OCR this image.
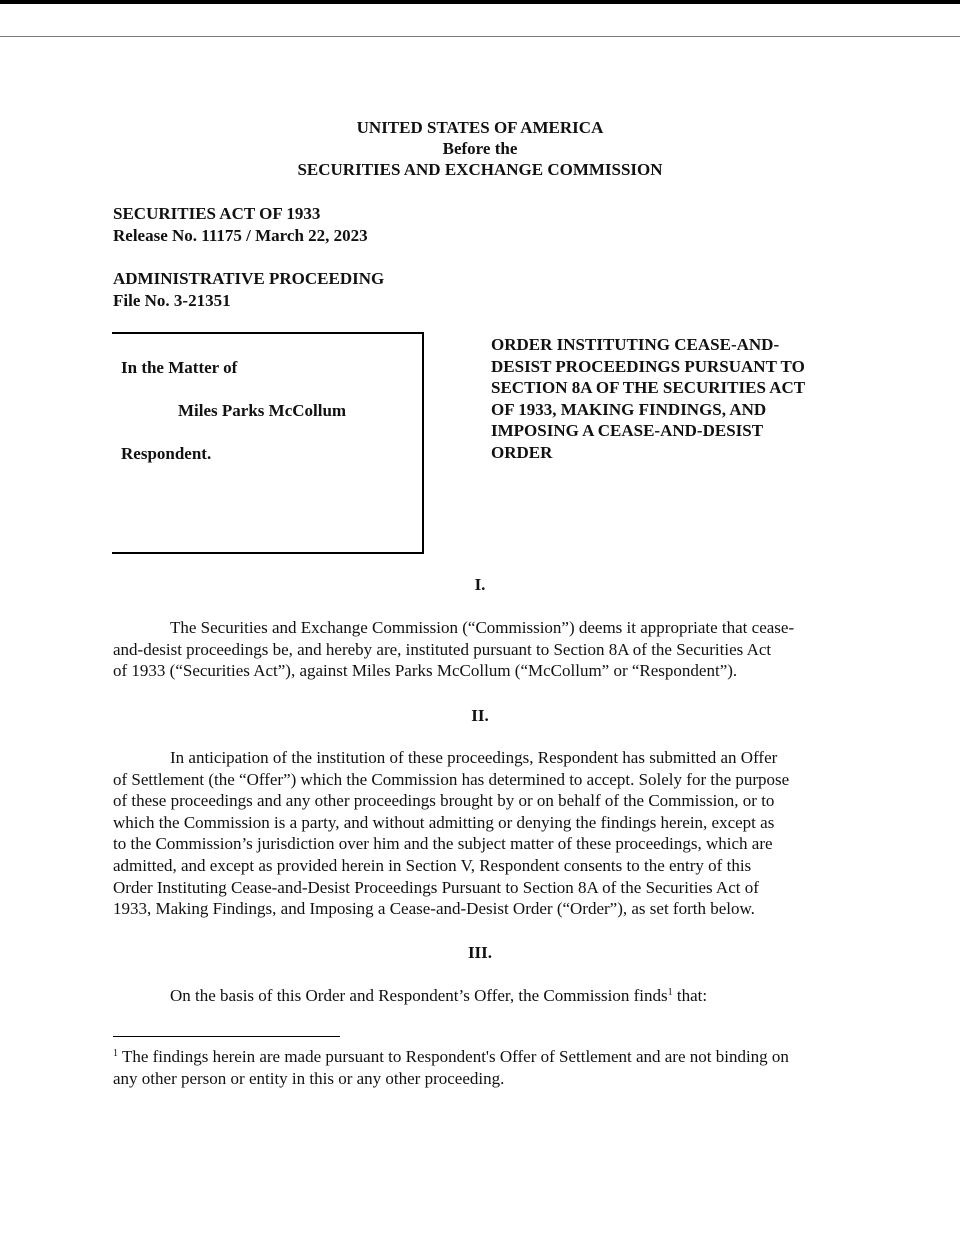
UNITED STATES OF AMERICA
Before the
SECURITIES AND EXCHANGE COMMISSION
SECURITIES ACT OF 1933
Release No. 11175 / March 22, 2023
ADMINISTRATIVE PROCEEDING
File No. 3-21351
In the Matter of
Miles Parks McCollum
Respondent.
ORDER INSTITUTING CEASE-AND-
DESIST PROCEEDINGS PURSUANT TO
SECTION 8A OF THE SECURITIES ACT
OF 1933, MAKING FINDINGS, AND
IMPOSING A CEASE-AND-DESIST
ORDER
I.
The Securities and Exchange Commission (“Commission”) deems it appropriate that cease-
and-desist proceedings be, and hereby are, instituted pursuant to Section 8A of the Securities Act
of 1933 (“Securities Act”), against Miles Parks McCollum (“McCollum” or “Respondent”).
II.
In anticipation of the institution of these proceedings, Respondent has submitted an Offer
of Settlement (the “Offer”) which the Commission has determined to accept. Solely for the purpose
of these proceedings and any other proceedings brought by or on behalf of the Commission, or to
which the Commission is a party, and without admitting or denying the findings herein, except as
to the Commission’s jurisdiction over him and the subject matter of these proceedings, which are
admitted, and except as provided herein in Section V, Respondent consents to the entry of this
Order Instituting Cease-and-Desist Proceedings Pursuant to Section 8A of the Securities Act of
1933, Making Findings, and Imposing a Cease-and-Desist Order (“Order”), as set forth below.
III.
On the basis of this Order and Respondent’s Offer, the Commission finds$^1$ that:
$^1$ The findings herein are made pursuant to Respondent's Offer of Settlement and are not binding on
any other person or entity in this or any other proceeding.
